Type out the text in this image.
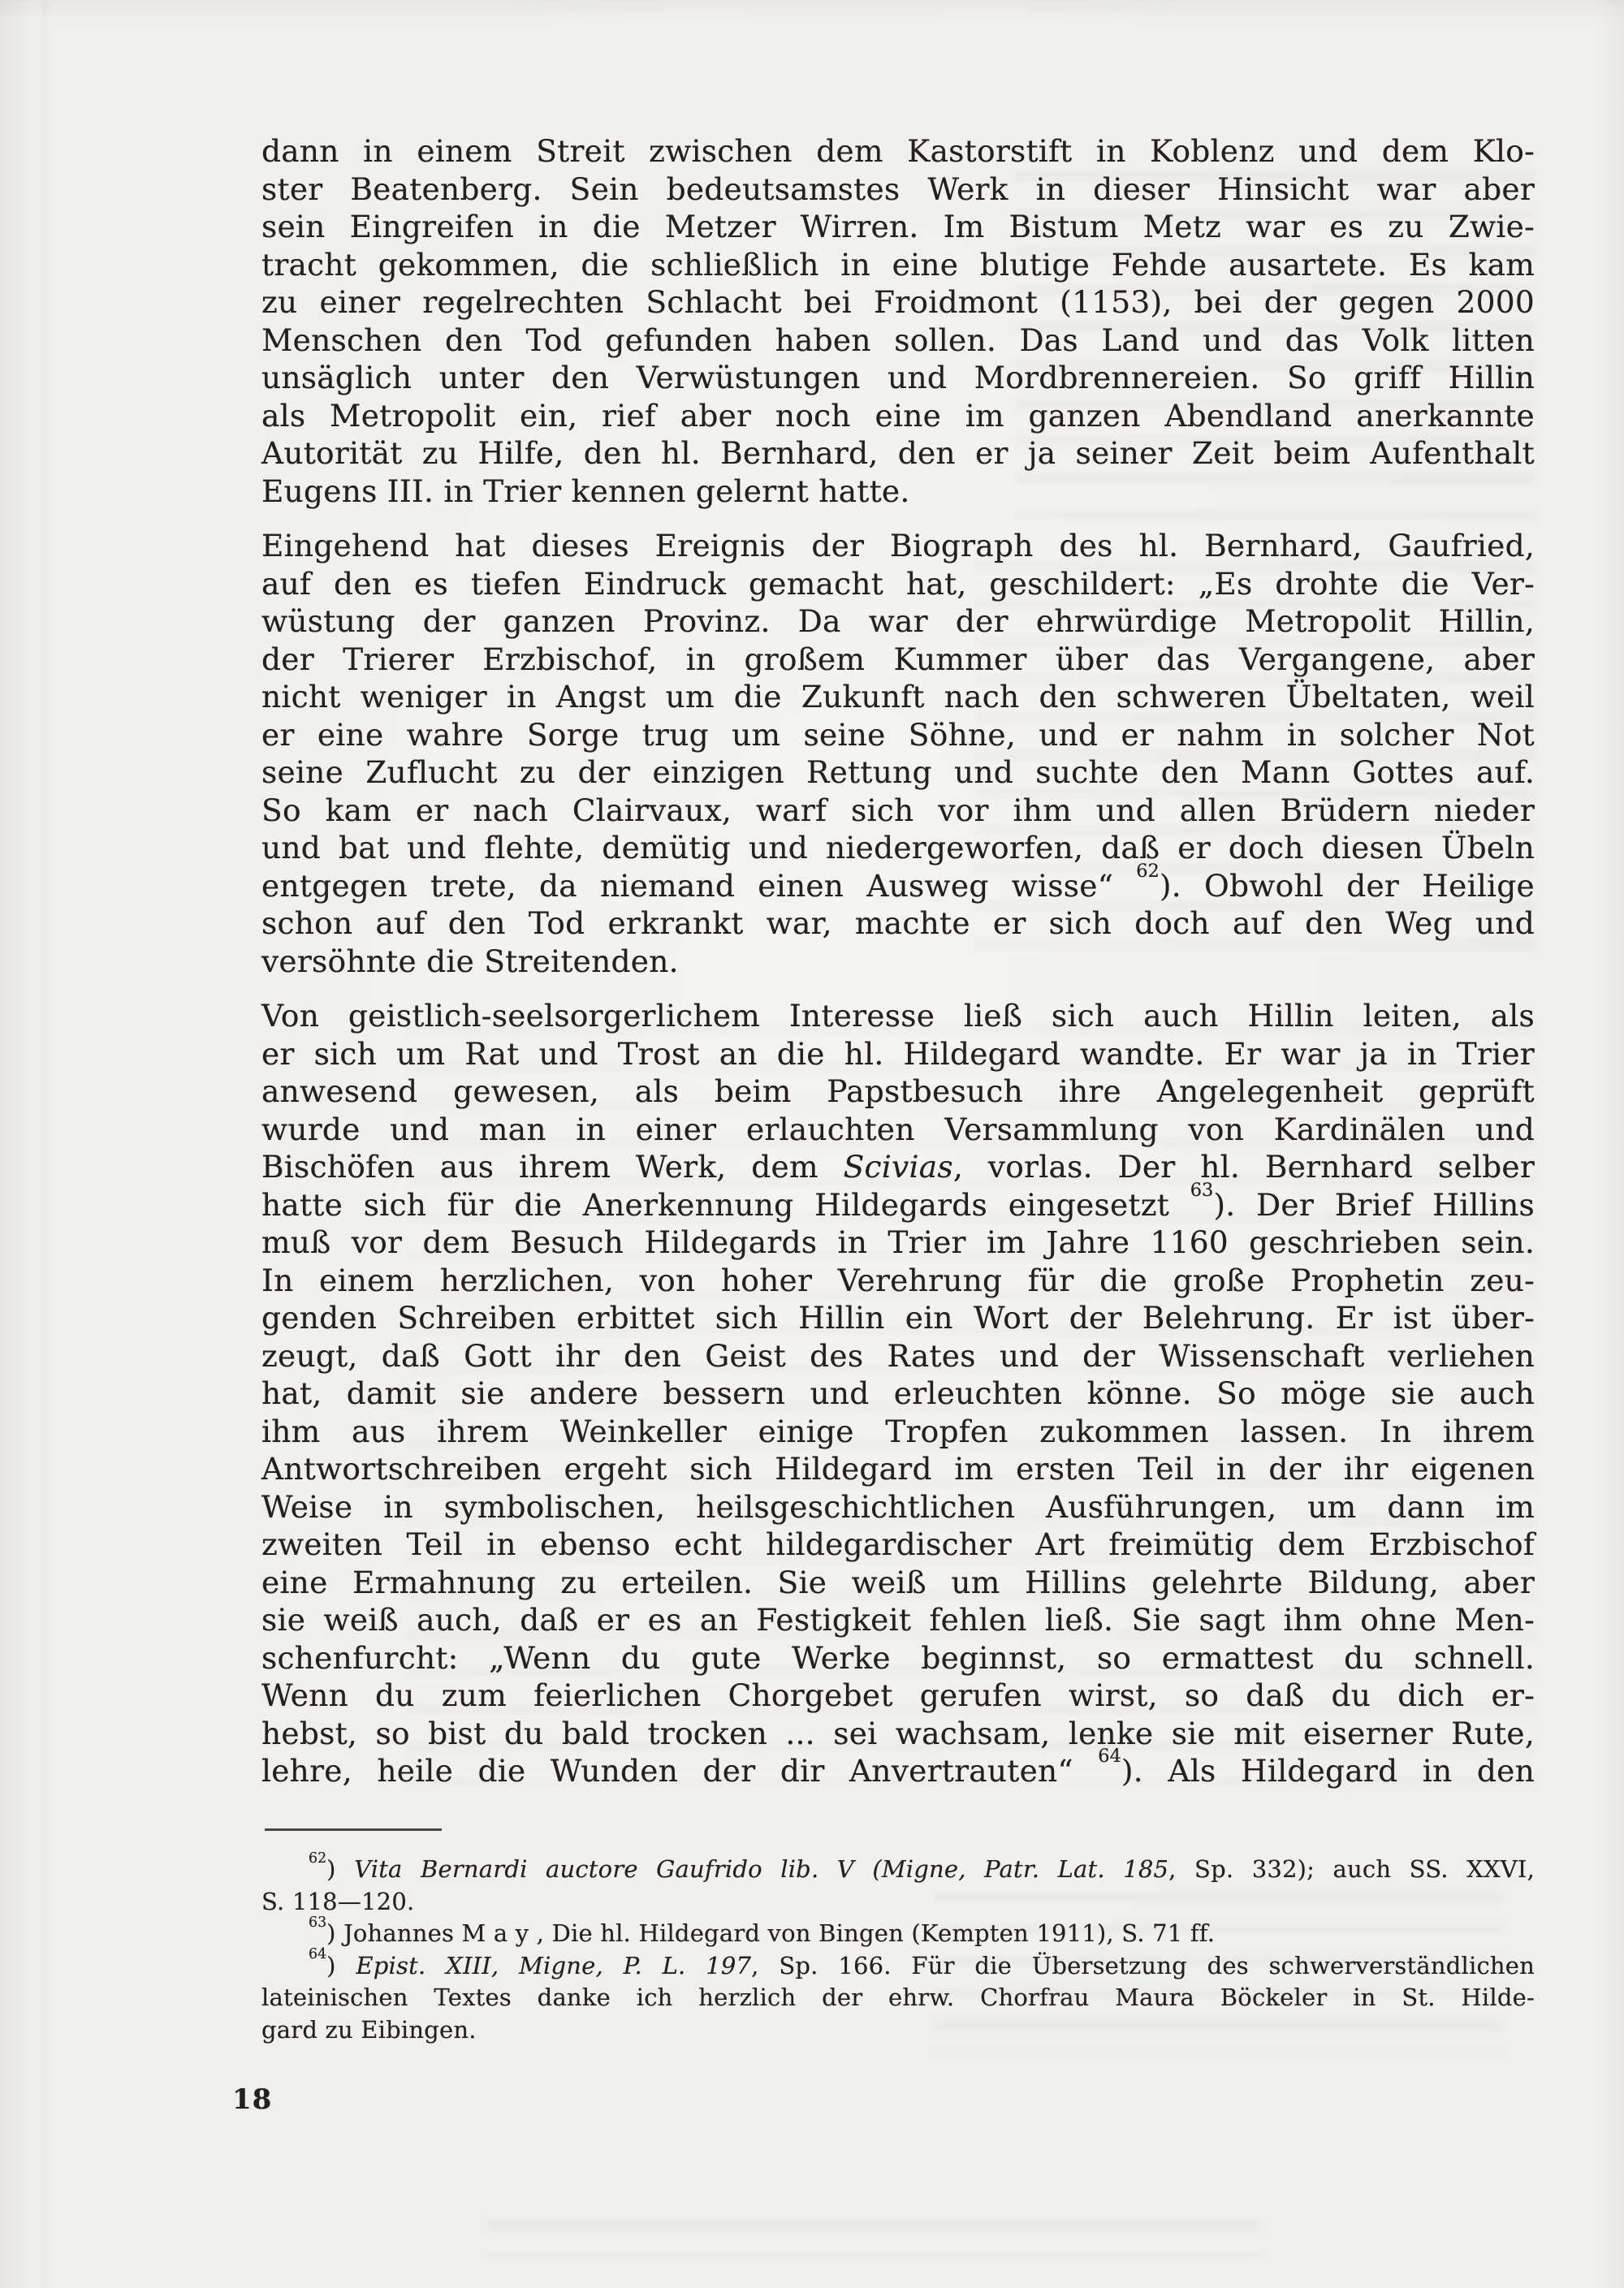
dann in einem Streit zwischen dem Kastorstift in Koblenz und dem Klo-
ster Beatenberg. Sein bedeutsamstes Werk in dieser Hinsicht war aber
sein Eingreifen in die Metzer Wirren. Im Bistum Metz war es zu Zwie-
tracht gekommen, die schließlich in eine blutige Fehde ausartete. Es kam
zu einer regelrechten Schlacht bei Froidmont (1153), bei der gegen 2000
Menschen den Tod gefunden haben sollen. Das Land und das Volk litten
unsäglich unter den Verwüstungen und Mordbrennereien. So griff Hillin
als Metropolit ein, rief aber noch eine im ganzen Abendland anerkannte
Autorität zu Hilfe, den hl. Bernhard, den er ja seiner Zeit beim Aufenthalt
Eugens III. in Trier kennen gelernt hatte.
Eingehend hat dieses Ereignis der Biograph des hl. Bernhard, Gaufried,
auf den es tiefen Eindruck gemacht hat, geschildert: „Es drohte die Ver-
wüstung der ganzen Provinz. Da war der ehrwürdige Metropolit Hillin,
der Trierer Erzbischof, in großem Kummer über das Vergangene, aber
nicht weniger in Angst um die Zukunft nach den schweren Übeltaten, weil
er eine wahre Sorge trug um seine Söhne, und er nahm in solcher Not
seine Zuflucht zu der einzigen Rettung und suchte den Mann Gottes auf.
So kam er nach Clairvaux, warf sich vor ihm und allen Brüdern nieder
und bat und flehte, demütig und niedergeworfen, daß er doch diesen Übeln
entgegen trete, da niemand einen Ausweg wisse“ $^{62}$). Obwohl der Heilige
schon auf den Tod erkrankt war, machte er sich doch auf den Weg und
versöhnte die Streitenden.
Von geistlich-seelsorgerlichem Interesse ließ sich auch Hillin leiten, als
er sich um Rat und Trost an die hl. Hildegard wandte. Er war ja in Trier
anwesend gewesen, als beim Papstbesuch ihre Angelegenheit geprüft
wurde und man in einer erlauchten Versammlung von Kardinälen und
Bischöfen aus ihrem Werk, dem Scivias, vorlas. Der hl. Bernhard selber
hatte sich für die Anerkennung Hildegards eingesetzt $^{63}$). Der Brief Hillins
muß vor dem Besuch Hildegards in Trier im Jahre 1160 geschrieben sein.
In einem herzlichen, von hoher Verehrung für die große Prophetin zeu-
genden Schreiben erbittet sich Hillin ein Wort der Belehrung. Er ist über-
zeugt, daß Gott ihr den Geist des Rates und der Wissenschaft verliehen
hat, damit sie andere bessern und erleuchten könne. So möge sie auch
ihm aus ihrem Weinkeller einige Tropfen zukommen lassen. In ihrem
Antwortschreiben ergeht sich Hildegard im ersten Teil in der ihr eigenen
Weise in symbolischen, heilsgeschichtlichen Ausführungen, um dann im
zweiten Teil in ebenso echt hildegardischer Art freimütig dem Erzbischof
eine Ermahnung zu erteilen. Sie weiß um Hillins gelehrte Bildung, aber
sie weiß auch, daß er es an Festigkeit fehlen ließ. Sie sagt ihm ohne Men-
schenfurcht: „Wenn du gute Werke beginnst, so ermattest du schnell.
Wenn du zum feierlichen Chorgebet gerufen wirst, so daß du dich er-
hebst, so bist du bald trocken ... sei wachsam, lenke sie mit eiserner Rute,
lehre, heile die Wunden der dir Anvertrauten“ $^{64}$). Als Hildegard in den
$^{62}$) Vita Bernardi auctore Gaufrido lib. V (Migne, Patr. Lat. 185, Sp. 332); auch SS. XXVI,
S. 118—120.
$^{63}$) Johannes M a y , Die hl. Hildegard von Bingen (Kempten 1911), S. 71 ff.
$^{64}$) Epist. XIII, Migne, P. L. 197, Sp. 166. Für die Übersetzung des schwerverständlichen
lateinischen Textes danke ich herzlich der ehrw. Chorfrau Maura Böckeler in St. Hilde-
gard zu Eibingen.
18
